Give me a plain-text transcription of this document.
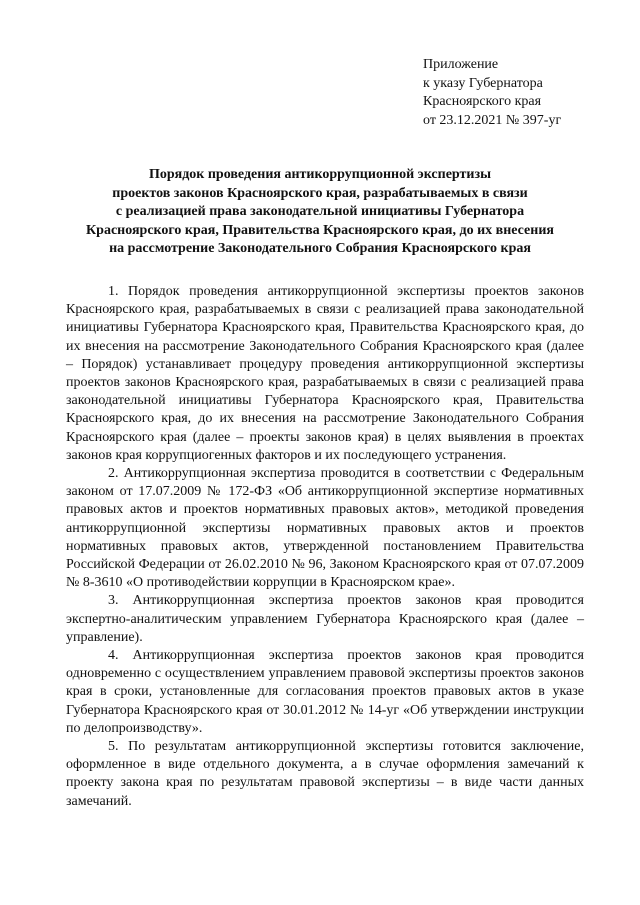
Приложение
к указу Губернатора
Красноярского края
от 23.12.2021 № 397-уг
Порядок проведения антикоррупционной экспертизы
проектов законов Красноярского края, разрабатываемых в связи
с реализацией права законодательной инициативы Губернатора
Красноярского края, Правительства Красноярского края, до их внесения
на рассмотрение Законодательного Собрания Красноярского края

1. Порядок проведения антикоррупционной экспертизы проектов законов Красноярского края, разрабатываемых в связи с реализацией права законодательной инициативы Губернатора Красноярского края, Правительства Красноярского края, до их внесения на рассмотрение Законодательного Собрания Красноярского края (далее – Порядок) устанавливает процедуру проведения антикоррупционной экспертизы проектов законов Красноярского края, разрабатываемых в связи с реализацией права законодательной инициативы Губернатора Красноярского края, Правительства Красноярского края, до их внесения на рассмотрение Законодательного Собрания Красноярского края (далее – проекты законов края) в целях выявления в проектах законов края коррупциогенных факторов и их последующего устранения.

2. Антикоррупционная экспертиза проводится в соответствии с Федеральным законом от 17.07.2009 № 172-ФЗ «Об антикоррупционной экспертизе нормативных правовых актов и проектов нормативных правовых актов», методикой проведения антикоррупционной экспертизы нормативных правовых актов и проектов нормативных правовых актов, утвержденной постановлением Правительства Российской Федерации от 26.02.2010 № 96, Законом Красноярского края от 07.07.2009 № 8-3610 «О противодействии коррупции в Красноярском крае».

3. Антикоррупционная экспертиза проектов законов края проводится экспертно-аналитическим управлением Губернатора Красноярского края (далее – управление).

4. Антикоррупционная экспертиза проектов законов края проводится одновременно с осуществлением управлением правовой экспертизы проектов законов края в сроки, установленные для согласования проектов правовых актов в указе Губернатора Красноярского края от 30.01.2012 № 14-уг «Об утверждении инструкции по делопроизводству».

5. По результатам антикоррупционной экспертизы готовится заключение, оформленное в виде отдельного документа, а в случае оформления замечаний к проекту закона края по результатам правовой экспертизы – в виде части данных замечаний.
